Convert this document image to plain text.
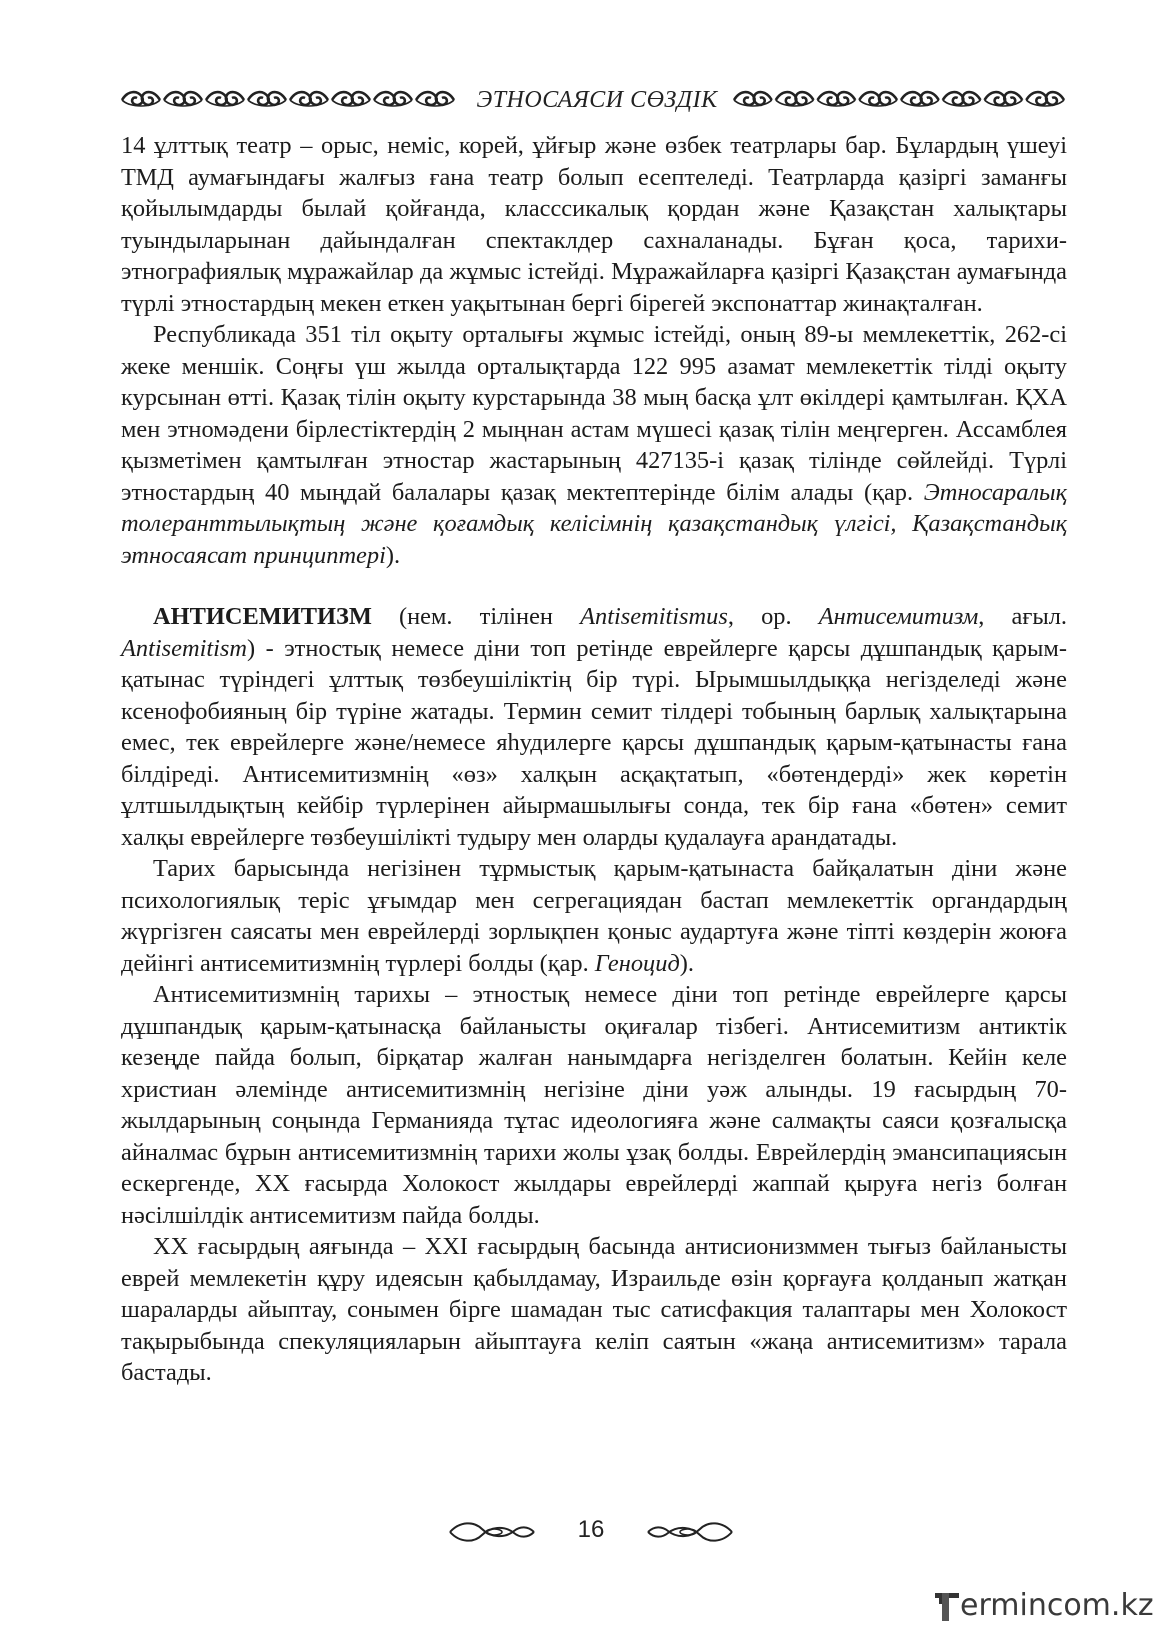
ЭТНОСАЯСИ СӨЗДІК

14 ұлттық театр – орыс, неміс, корей, ұйғыр және өзбек театрлары бар. Бұлардың үшеуі ТМД аумағындағы жалғыз ғана театр болып есептеледі. Театрларда қазіргі заманғы қойылымдарды былай қойғанда, класссикалық қордан және Қазақстан халықтары туындыларынан дайындалған спектаклдер сахналанады. Бұған қоса, тарихи-этнографиялық мұражайлар да жұмыс істейді. Мұражайларға қазіргі Қазақстан аумағында түрлі этностардың мекен еткен уақытынан бергі бірегей экспонаттар жинақталған.

Республикада 351 тіл оқыту орталығы жұмыс істейді, оның 89-ы мемлекеттік, 262-сі жеке меншік. Соңғы үш жылда орталықтарда 122 995 азамат мемлекеттік тілді оқыту курсынан өтті. Қазақ тілін оқыту курстарында 38 мың басқа ұлт өкілдері қамтылған. ҚХА мен этномәдени бірлестіктердің 2 мыңнан астам мүшесі қазақ тілін меңгерген. Ассамблея қызметімен қамтылған этностар жастарының 427135-і қазақ тілінде сөйлейді. Түрлі этностардың 40 мыңдай балалары қазақ мектептерінде білім алады (қар. Этносаралық толеранттылықтың және қоғамдық келісімнің қазақстандық үлгісі, Қазақстандық этносаясат принциптері).

АНТИСЕМИТИЗМ (нем. тілінен Antisemitismus, ор. Антисемитизм, ағыл. Antisemitism) - этностық немесе діни топ ретінде еврейлерге қарсы дұшпандық қарым-қатынас түріндегі ұлттық төзбеушіліктің бір түрі. Ырымшылдыққа негізделеді және ксенофобияның бір түріне жатады. Термин семит тілдері тобының барлық халықтарына емес, тек еврейлерге және/немесе яһудилерге қарсы дұшпандық қарым-қатынасты ғана білдіреді. Антисемитизмнің «өз» халқын асқақтатып, «бөтендерді» жек көретін ұлтшылдықтың кейбір түрлерінен айырмашылығы сонда, тек бір ғана «бөтен» семит халқы еврейлерге төзбеушілікті тудыру мен оларды қудалауға арандатады.

Тарих барысында негізінен тұрмыстық қарым-қатынаста байқалатын діни және психологиялық теріс ұғымдар мен сегрегациядан бастап мемлекеттік органдардың жүргізген саясаты мен еврейлерді зорлықпен қоныс аудартуға және тіпті көздерін жоюға дейінгі антисемитизмнің түрлері болды (қар. Геноцид).

Антисемитизмнің тарихы – этностық немесе діни топ ретінде еврейлерге қарсы дұшпандық қарым-қатынасқа байланысты оқиғалар тізбегі. Антисемитизм антиктік кезеңде пайда болып, бірқатар жалған нанымдарға негізделген болатын. Кейін келе христиан әлемінде антисемитизмнің негізіне діни уәж алынды. 19 ғасырдың 70-жылдарының соңында Германияда тұтас идеологияға және салмақты саяси қозғалысқа айналмас бұрын антисемитизмнің тарихи жолы ұзақ болды. Еврейлердің эмансипациясын ескергенде, XX ғасырда Холокост жылдары еврейлерді жаппай қыруға негіз болған нәсілшілдік антисемитизм пайда болды.

XX ғасырдың аяғында – XXI ғасырдың басында антисионизммен тығыз байланысты еврей мемлекетін құру идеясын қабылдамау, Израильде өзін қорғауға қолданып жатқан шараларды айыптау, сонымен бірге шамадан тыс сатисфакция талаптары мен Холокост тақырыбында спекуляцияларын айыптауға келіп саятын «жаңа антисемитизм» тарала бастады.

16
ermincom.kz
